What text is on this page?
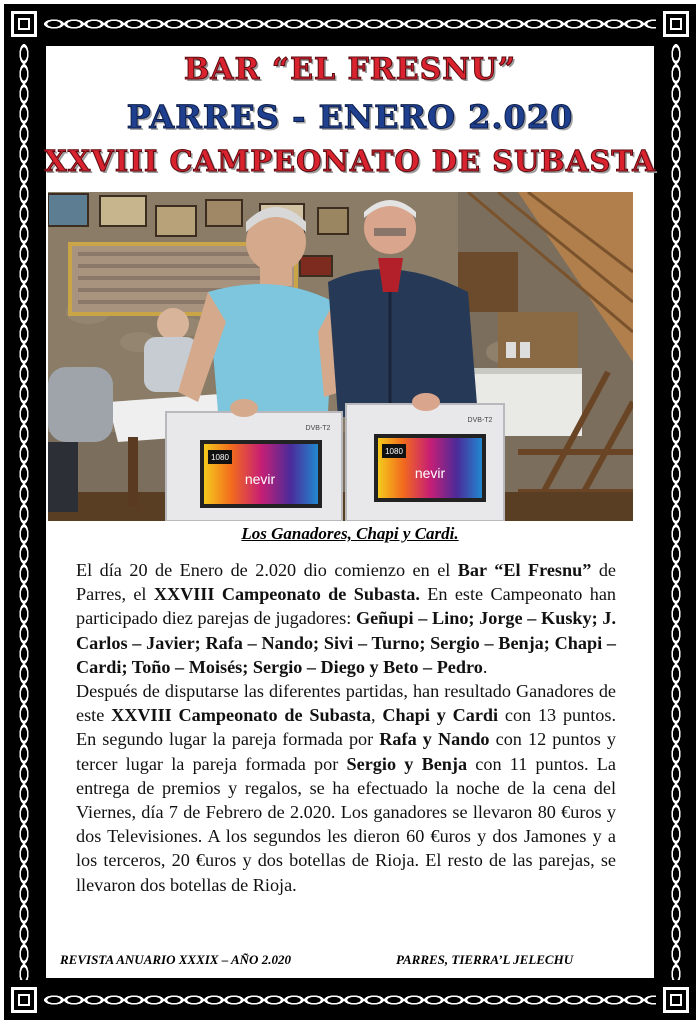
BAR “EL FRESNU”
PARRES - ENERO 2.020
XXVIII CAMPEONATO DE SUBASTA
1080
1080
nevir	nevir
DVB-T2
DVB-T2
Los Ganadores, Chapi y Cardi.

El día 20 de Enero de 2.020 dio comienzo en el Bar “El Fresnu” de Parres, el XXVIII Campeonato de Subasta. En este Campeonato han participado diez parejas de jugadores: Geñupi – Lino; Jorge – Kusky; J. Carlos – Javier; Rafa – Nando; Sivi – Turno; Sergio – Benja; Chapi – Cardi; Toño – Moisés; Sergio – Diego y Beto – Pedro.

Después de disputarse las diferentes partidas, han resultado Ganadores de este XXVIII Campeonato de Subasta, Chapi y Cardi con 13 puntos. En segundo lugar la pareja formada por Rafa y Nando con 12 puntos y tercer lugar la pareja formada por Sergio y Benja con 11 puntos. La entrega de premios y regalos, se ha efectuado la noche de la cena del Viernes, día 7 de Febrero de 2.020. Los ganadores se llevaron 80 €uros y dos Televisiones. A los segundos les dieron 60 €uros y dos Jamones y a los terceros, 20 €uros y dos botellas de Rioja. El resto de las parejas, se llevaron dos botellas de Rioja.

REVISTA ANUARIO XXXIX – AÑO 2.020	PARRES, TIERRA’L JELECHU
